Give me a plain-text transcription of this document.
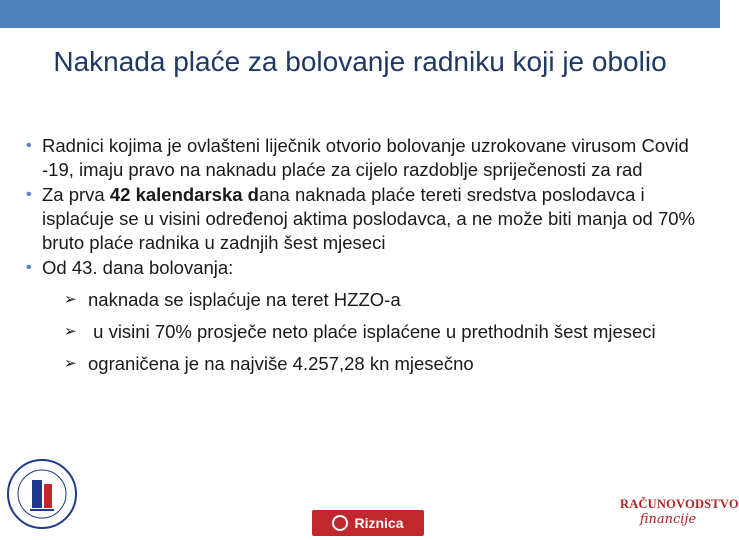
Naknada plaće za bolovanje radniku koji je obolio
• Radnici kojima je ovlašteni liječnik otvorio bolovanje uzrokovane virusom Covid -19, imaju pravo na naknadu plaće za cijelo razdoblje spriječenosti za rad
• Za prva 42 kalendarska dana naknada plaće tereti sredstva poslodavca i isplaćuje se u visini određenoj aktima poslodavca, a ne može biti manja od 70% bruto plaće radnika u zadnjih šest mjeseci
• Od 43. dana bolovanja:
➢ naknada se isplaćuje na teret HZZO-a
➢ u visini 70% prosječe neto plaće isplaćene u prethodnih šest mjeseci
➢ ograničena je na najviše 4.257,28 kn mjesečno
Riznica
RAČUNOVODSTVO
financije
